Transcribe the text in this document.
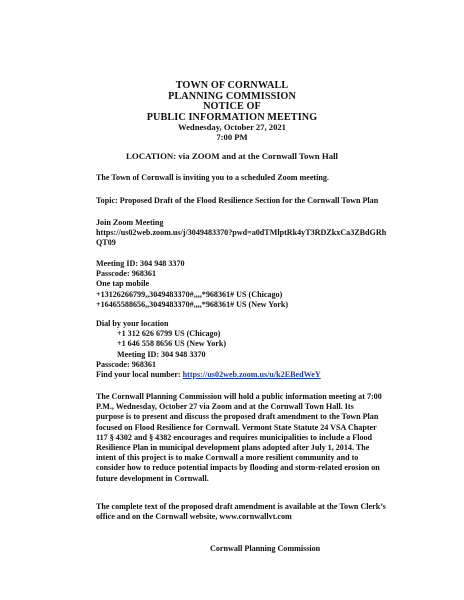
TOWN OF CORNWALL
PLANNING COMMISSION
NOTICE OF
PUBLIC INFORMATION MEETING
Wednesday, October 27, 2021
7:00 PM
LOCATION: via ZOOM and at the Cornwall Town Hall

The Town of Cornwall is inviting you to a scheduled Zoom meeting.

Topic: Proposed Draft of the Flood Resilience Section for the Cornwall Town Plan

Join Zoom Meeting
https://us02web.zoom.us/j/3049483370?pwd=a0dTMlptRk4yT3RDZkxCa3ZBdGRh
QT09
Meeting ID: 304 948 3370
Passcode: 968361
One tap mobile
+13126266799,,3049483370#,,,,*968361# US (Chicago)
+16465588656,,3049483370#,,,,*968361# US (New York)
Dial by your location
+1 312 626 6799 US (Chicago)
+1 646 558 8656 US (New York)
Meeting ID: 304 948 3370
Passcode: 968361
Find your local number: https://us02web.zoom.us/u/k2EBedWeY
The Cornwall Planning Commission will hold a public information meeting at 7:00
P.M., Wednesday, October 27 via Zoom and at the Cornwall Town Hall. Its
purpose is to present and discuss the proposed draft amendment to the Town Plan
focused on Flood Resilience for Cornwall. Vermont State Statute 24 VSA Chapter
117 § 4302 and § 4382 encourages and requires municipalities to include a Flood
Resilience Plan in municipal development plans adopted after July 1, 2014. The
intent of this project is to make Cornwall a more resilient community and to
consider how to reduce potential impacts by flooding and storm-related erosion on
future development in Cornwall.
The complete text of the proposed draft amendment is available at the Town Clerk’s
office and on the Cornwall website, www.cornwallvt.com
Cornwall Planning Commission
